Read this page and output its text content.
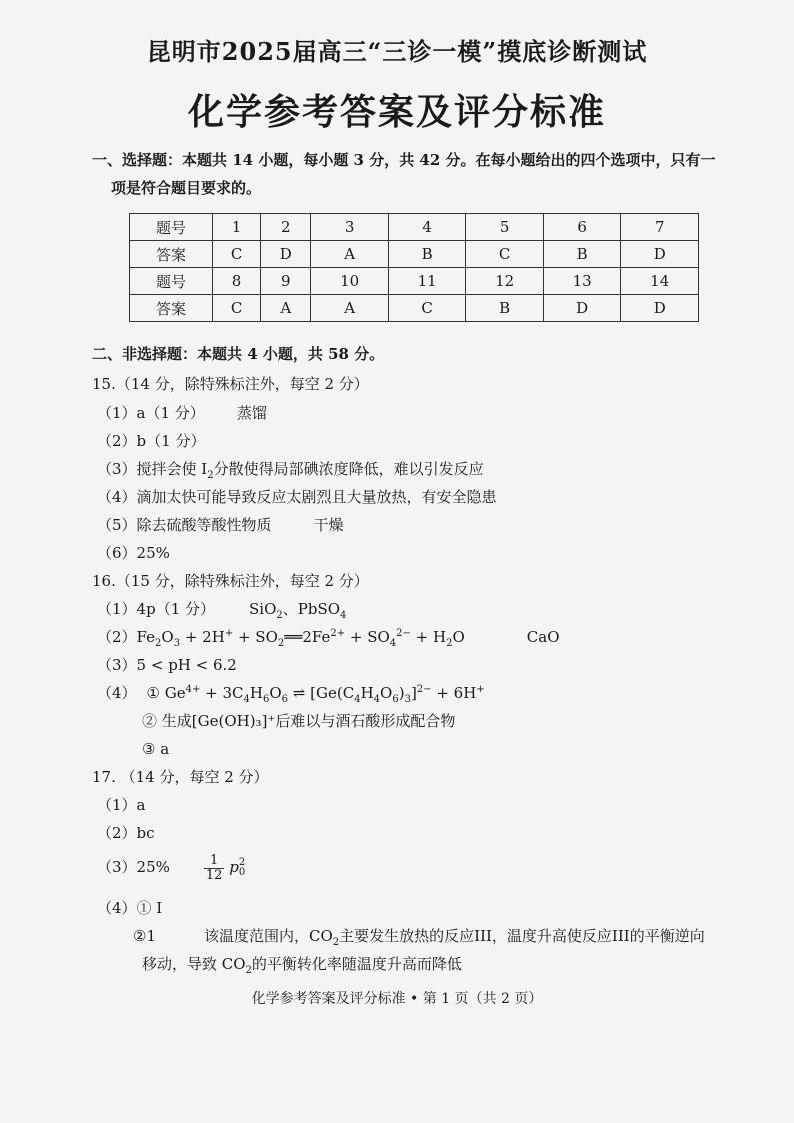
昆明市2025届高三“三诊一模”摸底诊断测试
化学参考答案及评分标准
一、选择题：本题共 14 小题，每小题 3 分，共 42 分。在每小题给出的四个选项中，只有一
项是符合题目要求的。
题号	1	2	3	4	5	6	7
答案	C	D	A	B	C	B	D
题号	8	9	10	11	12	13	14
答案	C	A	A	C	B	D	D
二、非选择题：本题共 4 小题，共 58 分。
15.（14 分，除特殊标注外，每空 2 分）
（1）a（1 分） 蒸馏
（2）b（1 分）
（3）搅拌会使 $I_2$分散使得局部碘浓度降低，难以引发反应
（4）滴加太快可能导致反应太剧烈且大量放热，有安全隐患
（5）除去硫酸等酸性物质	干燥
（6）25%
16.（15 分，除特殊标注外，每空 2 分）
（1）4p（1 分） SiO$_2$、PbSO$_4$
$(2)Fe_2O_3 + 2H^+$ + $SO_2══2Fe^{2+} + SO_4^{2-} + H_2O$	CaO
（3）5 < pH < 6.2
（4） ① $Ge^{4+} + 3C_4H_6O_6$ ⇌ $[Ge(C_4H_4O_6)_3]^{2-} + 6H^+$
② 生成[Ge(OH)₃]⁺后难以与酒石酸形成配合物
③ a
17. （14 分，每空 2 分）
（1）a
（2）bc
（3）25%	$\frac{1}{12}$ p 2
0
（4）① I
②1	该温度范围内，$CO_2$主要发生放热的反应III，温度升高使反应III的平衡逆向
移动，导致 $CO_2$的平衡转化率随温度升高而降低
化学参考答案及评分标准 • 第 1 页（共 2 页）
